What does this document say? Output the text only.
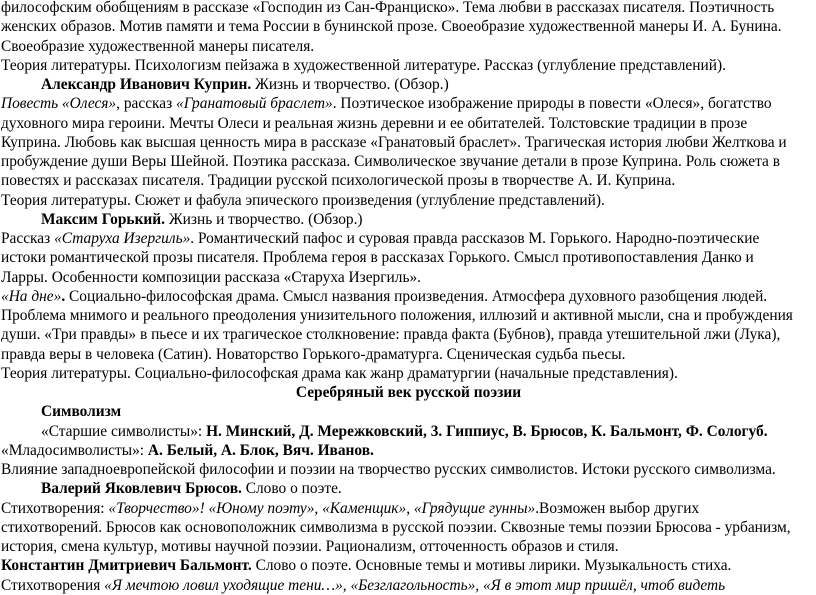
философским обобщениям в рассказе «Господин из Сан-Франциско». Тема любви в рассказах писателя. Поэтичность
женских образов. Мотив памяти и тема России в бунинской прозе. Своеобразие художественной манеры И. А. Бунина.
Своеобразие художественной манеры писателя.
Теория литературы. Психологизм пейзажа в художественной литературе. Рассказ (углубление представлений).
Александр Иванович Куприн. Жизнь и творчество. (Обзор.)
Повесть «Олеся», рассказ «Гранатовый браслет». Поэтическое изображение природы в повести «Олеся», богатство
духовного мира героини. Мечты Олеси и реальная жизнь деревни и ее обитателей. Толстовские традиции в прозе
Куприна. Любовь как высшая ценность мира в рассказе «Гранатовый браслет». Трагическая история любви Желткова и
пробуждение души Веры Шейной. Поэтика рассказа. Символическое звучание детали в прозе Куприна. Роль сюжета в
повестях и рассказах писателя. Традиции русской психологической прозы в творчестве А. И. Куприна.
Теория литературы. Сюжет и фабула эпического произведения (углубление представлений).
Максим Горький. Жизнь и творчество. (Обзор.)
Рассказ «Старуха Изергиль». Романтический пафос и суровая правда рассказов М. Горького. Народно-поэтические
истоки романтической прозы писателя. Проблема героя в рассказах Горького. Смысл противопоставления Данко и
Ларры. Особенности композиции рассказа «Старуха Изергиль».
«На дне». Социально-философская драма. Смысл названия произведения. Атмосфера духовного разобщения людей.
Проблема мнимого и реального преодоления унизительного положения, иллюзий и активной мысли, сна и пробуждения
души. «Три правды» в пьесе и их трагическое столкновение: правда факта (Бубнов), правда утешительной лжи (Лука),
правда веры в человека (Сатин). Новаторство Горького-драматурга. Сценическая судьба пьесы.
Теория литературы. Социально-философская драма как жанр драматургии (начальные представления).
Серебряный век русской поэзии
Символизм
«Старшие символисты»: Н. Минский, Д. Мережковский, 3. Гиппиус, В. Брюсов, К. Бальмонт, Ф. Сологуб.
«Младосимволисты»: А. Белый, А. Блок, Вяч. Иванов.
Влияние западноевропейской философии и поэзии на творчество русских символистов. Истоки русского символизма.
Валерий Яковлевич Брюсов. Слово о поэте.
Стихотворения: «Творчество»! «Юному поэту», «Каменщик», «Грядущие гунны».Возможен выбор других
стихотворений. Брюсов как основоположник символизма в русской поэзии. Сквозные темы поэзии Брюсова - урбанизм,
история, смена культур, мотивы научной поэзии. Рационализм, отточенность образов и стиля.
Константин Дмитриевич Бальмонт. Слово о поэте. Основные темы и мотивы лирики. Музыкальность стиха.
Стихотворения «Я мечтою ловил уходящие тени…», «Безглагольность», «Я в этот мир пришёл, чтоб видеть
